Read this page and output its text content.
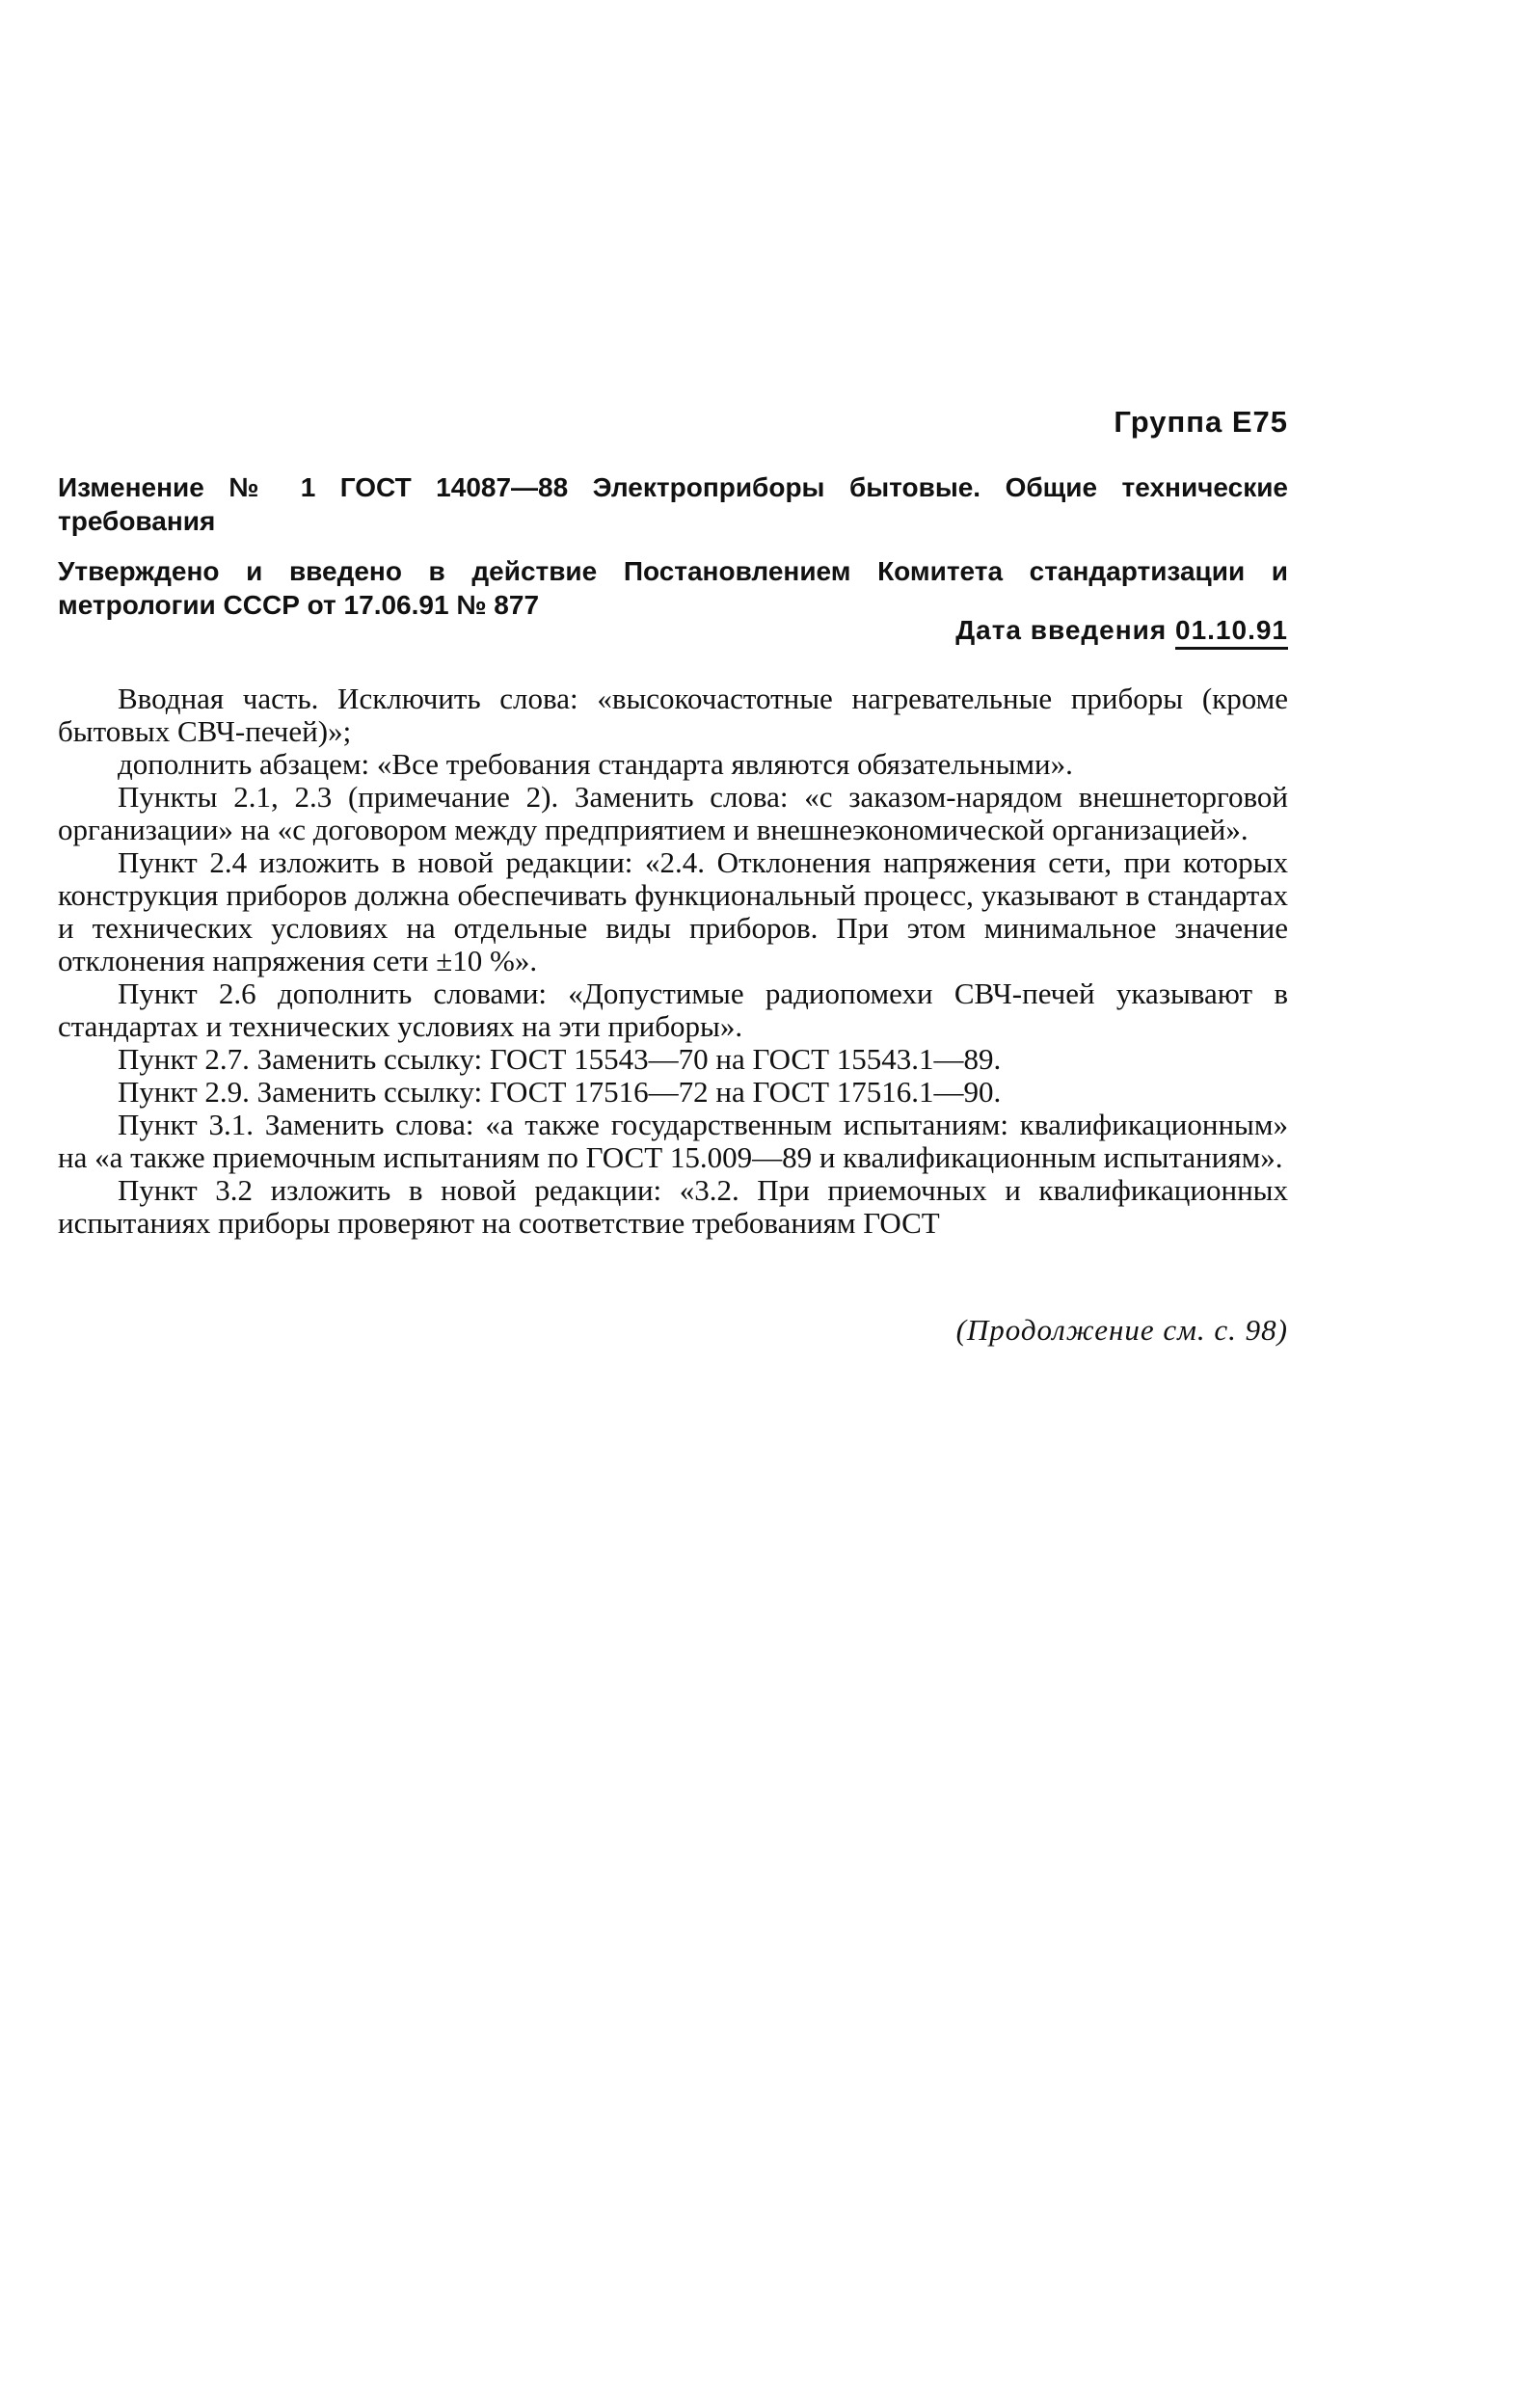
Группа Е75
Изменение № 1 ГОСТ 14087—88 Электроприборы бытовые. Общие технические требования
Утверждено и введено в действие Постановлением Комитета стандартизации и метрологии СССР от 17.06.91 № 877
Дата введения 01.10.91

Вводная часть. Исключить слова: «высокочастотные нагревательные приборы (кроме бытовых СВЧ-печей)»;

дополнить абзацем: «Все требования стандарта являются обязательными».

Пункты 2.1, 2.3 (примечание 2). Заменить слова: «с заказом-нарядом внешнеторговой организации» на «с договором между предприятием и внешнеэкономической организацией».

Пункт 2.4 изложить в новой редакции: «2.4. Отклонения напряжения сети, при которых конструкция приборов должна обеспечивать функциональный процесс, указывают в стандартах и технических условиях на отдельные виды приборов. При этом минимальное значение отклонения напряжения сети ±10 %».

Пункт 2.6 дополнить словами: «Допустимые радиопомехи СВЧ-печей указывают в стандартах и технических условиях на эти приборы».

Пункт 2.7. Заменить ссылку: ГОСТ 15543—70 на ГОСТ 15543.1—89.

Пункт 2.9. Заменить ссылку: ГОСТ 17516—72 на ГОСТ 17516.1—90.

Пункт 3.1. Заменить слова: «а также государственным испытаниям: квалификационным» на «а также приемочным испытаниям по ГОСТ 15.009—89 и квалификационным испытаниям».

Пункт 3.2 изложить в новой редакции: «3.2. При приемочных и квалификационных испытаниях приборы проверяют на соответствие требованиям ГОСТ

(Продолжение см. с. 98)
